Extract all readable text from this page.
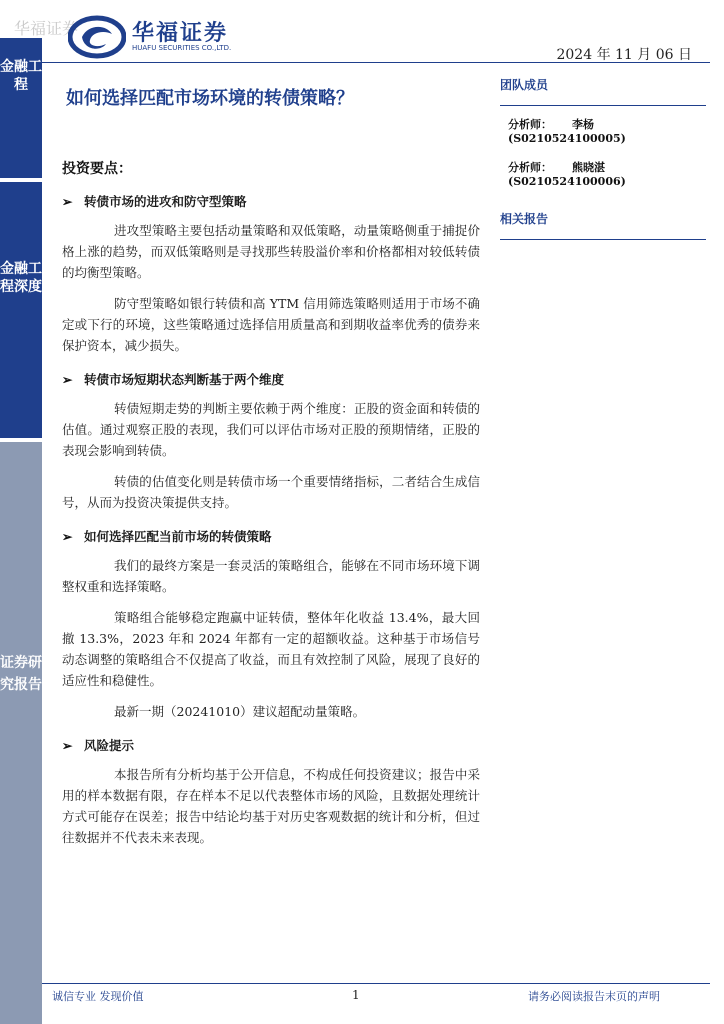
华福证券
金融工程
金融工程深度
证券研究报告
华福证券
HUAFU SECURITIES CO.,LTD.	2024 年 11 月 06 日
如何选择匹配市场环境的转债策略？
投资要点：
➢ 转债市场的进攻和防守型策略

进攻型策略主要包括动量策略和双低策略，动量策略侧重于捕捉价格上涨的趋势，而双低策略则是寻找那些转股溢价率和价格都相对较低转债的均衡型策略。

防守型策略如银行转债和高 YTM 信用筛选策略则适用于市场不确定或下行的环境，这些策略通过选择信用质量高和到期收益率优秀的债券来保护资本，减少损失。

➢ 转债市场短期状态判断基于两个维度

转债短期走势的判断主要依赖于两个维度：正股的资金面和转债的估值。通过观察正股的表现，我们可以评估市场对正股的预期情绪，正股的表现会影响到转债。

转债的估值变化则是转债市场一个重要情绪指标，二者结合生成信号，从而为投资决策提供支持。

➢ 如何选择匹配当前市场的转债策略

我们的最终方案是一套灵活的策略组合，能够在不同市场环境下调整权重和选择策略。

策略组合能够稳定跑赢中证转债，整体年化收益 13.4%，最大回撤 13.3%，2023 年和 2024 年都有一定的超额收益。这种基于市场信号动态调整的策略组合不仅提高了收益，而且有效控制了风险，展现了良好的适应性和稳健性。

最新一期（20241010）建议超配动量策略。

➢ 风险提示

本报告所有分析均基于公开信息，不构成任何投资建议；报告中采用的样本数据有限，存在样本不足以代表整体市场的风险，且数据处理统计方式可能存在误差；报告中结论均基于对历史客观数据的统计和分析，但过往数据并不代表未来表现。

团队成员
分析师： 李杨(S0210524100005)
分析师： 熊晓湛(S0210524100006)
相关报告
诚信专业 发现价值	1	请务必阅读报告末页的声明
